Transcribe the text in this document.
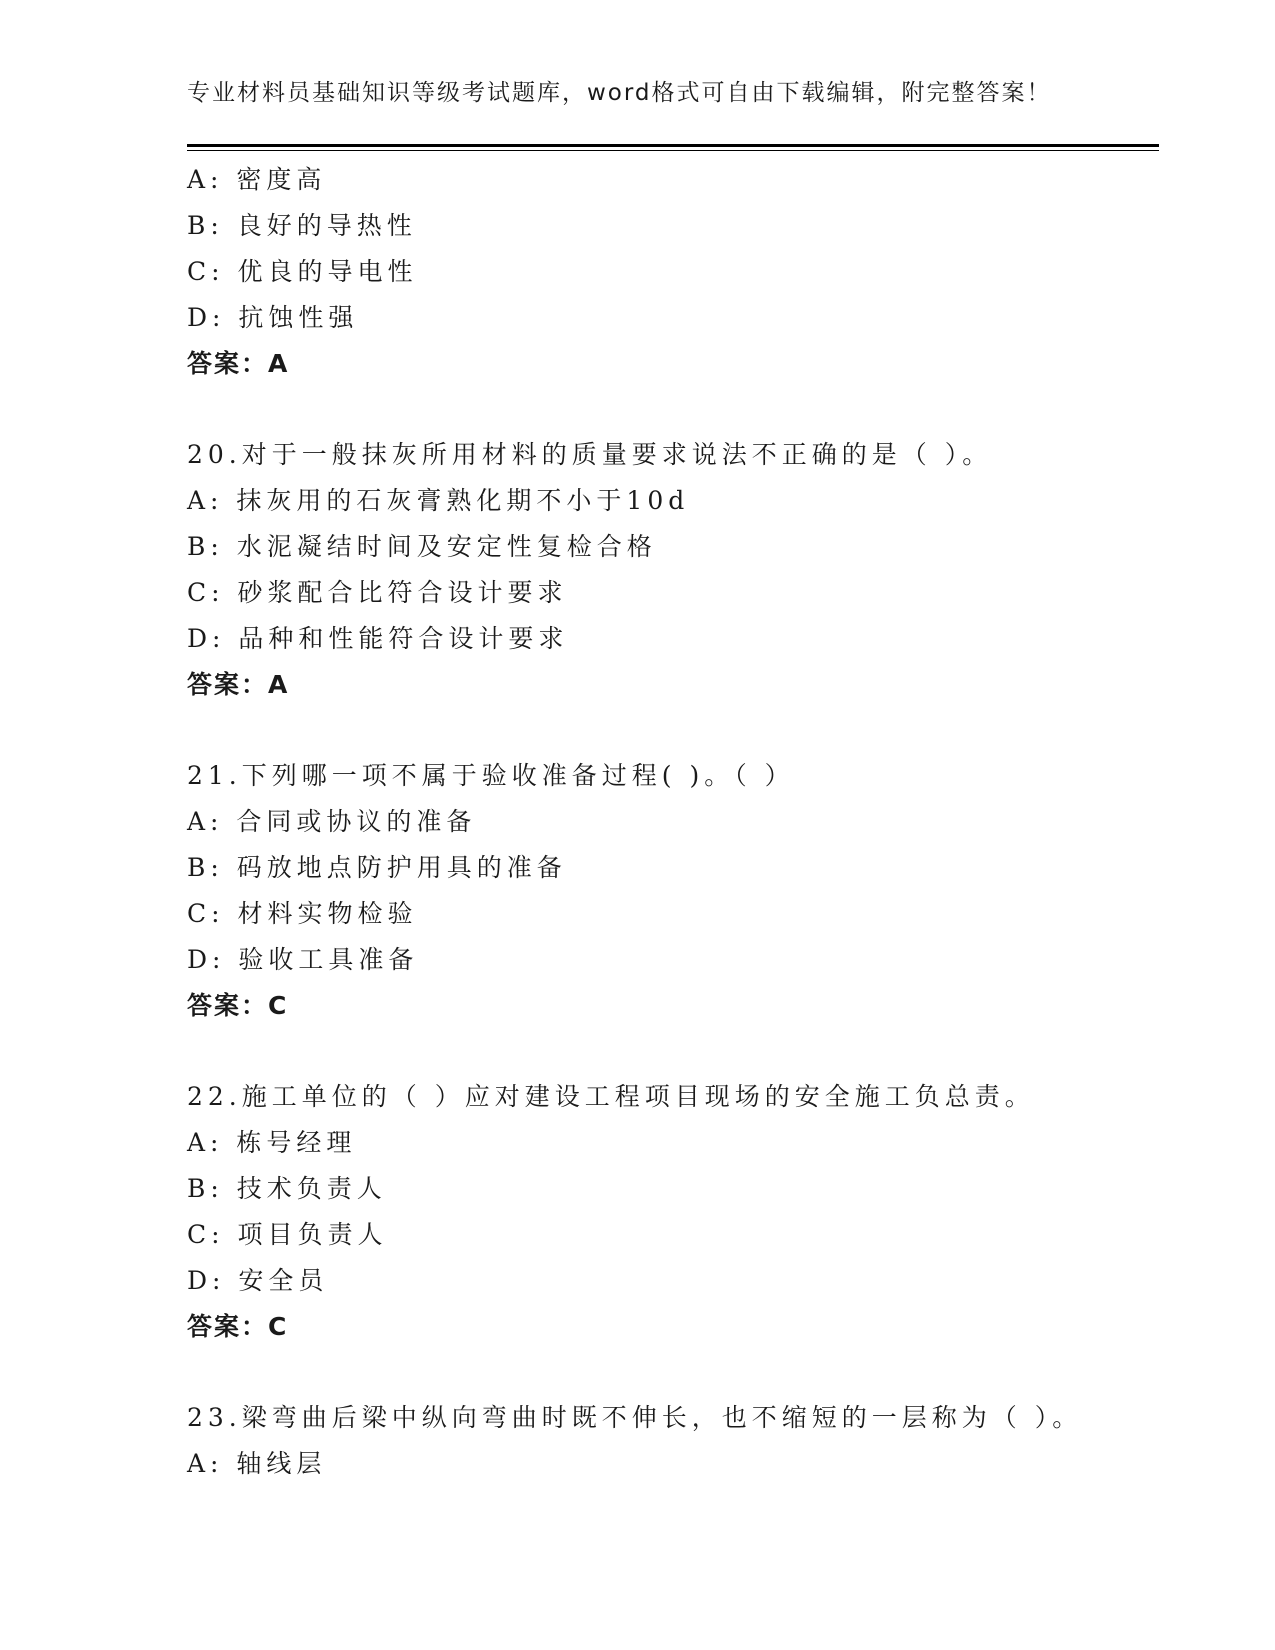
专业材料员基础知识等级考试题库，word格式可自由下载编辑，附完整答案！
A: 密度高
B: 良好的导热性
C: 优良的导电性
D: 抗蚀性强
答案：A
20.对于一般抹灰所用材料的质量要求说法不正确的是（ ）。
A: 抹灰用的石灰膏熟化期不小于10d
B: 水泥凝结时间及安定性复检合格
C: 砂浆配合比符合设计要求
D: 品种和性能符合设计要求
答案：A
21.下列哪一项不属于验收准备过程( )。（ ）
A: 合同或协议的准备
B: 码放地点防护用具的准备
C: 材料实物检验
D: 验收工具准备
答案：C
22.施工单位的（ ）应对建设工程项目现场的安全施工负总责。
A: 栋号经理
B: 技术负责人
C: 项目负责人
D: 安全员
答案：C
23.梁弯曲后梁中纵向弯曲时既不伸长，也不缩短的一层称为（ ）。
A: 轴线层
